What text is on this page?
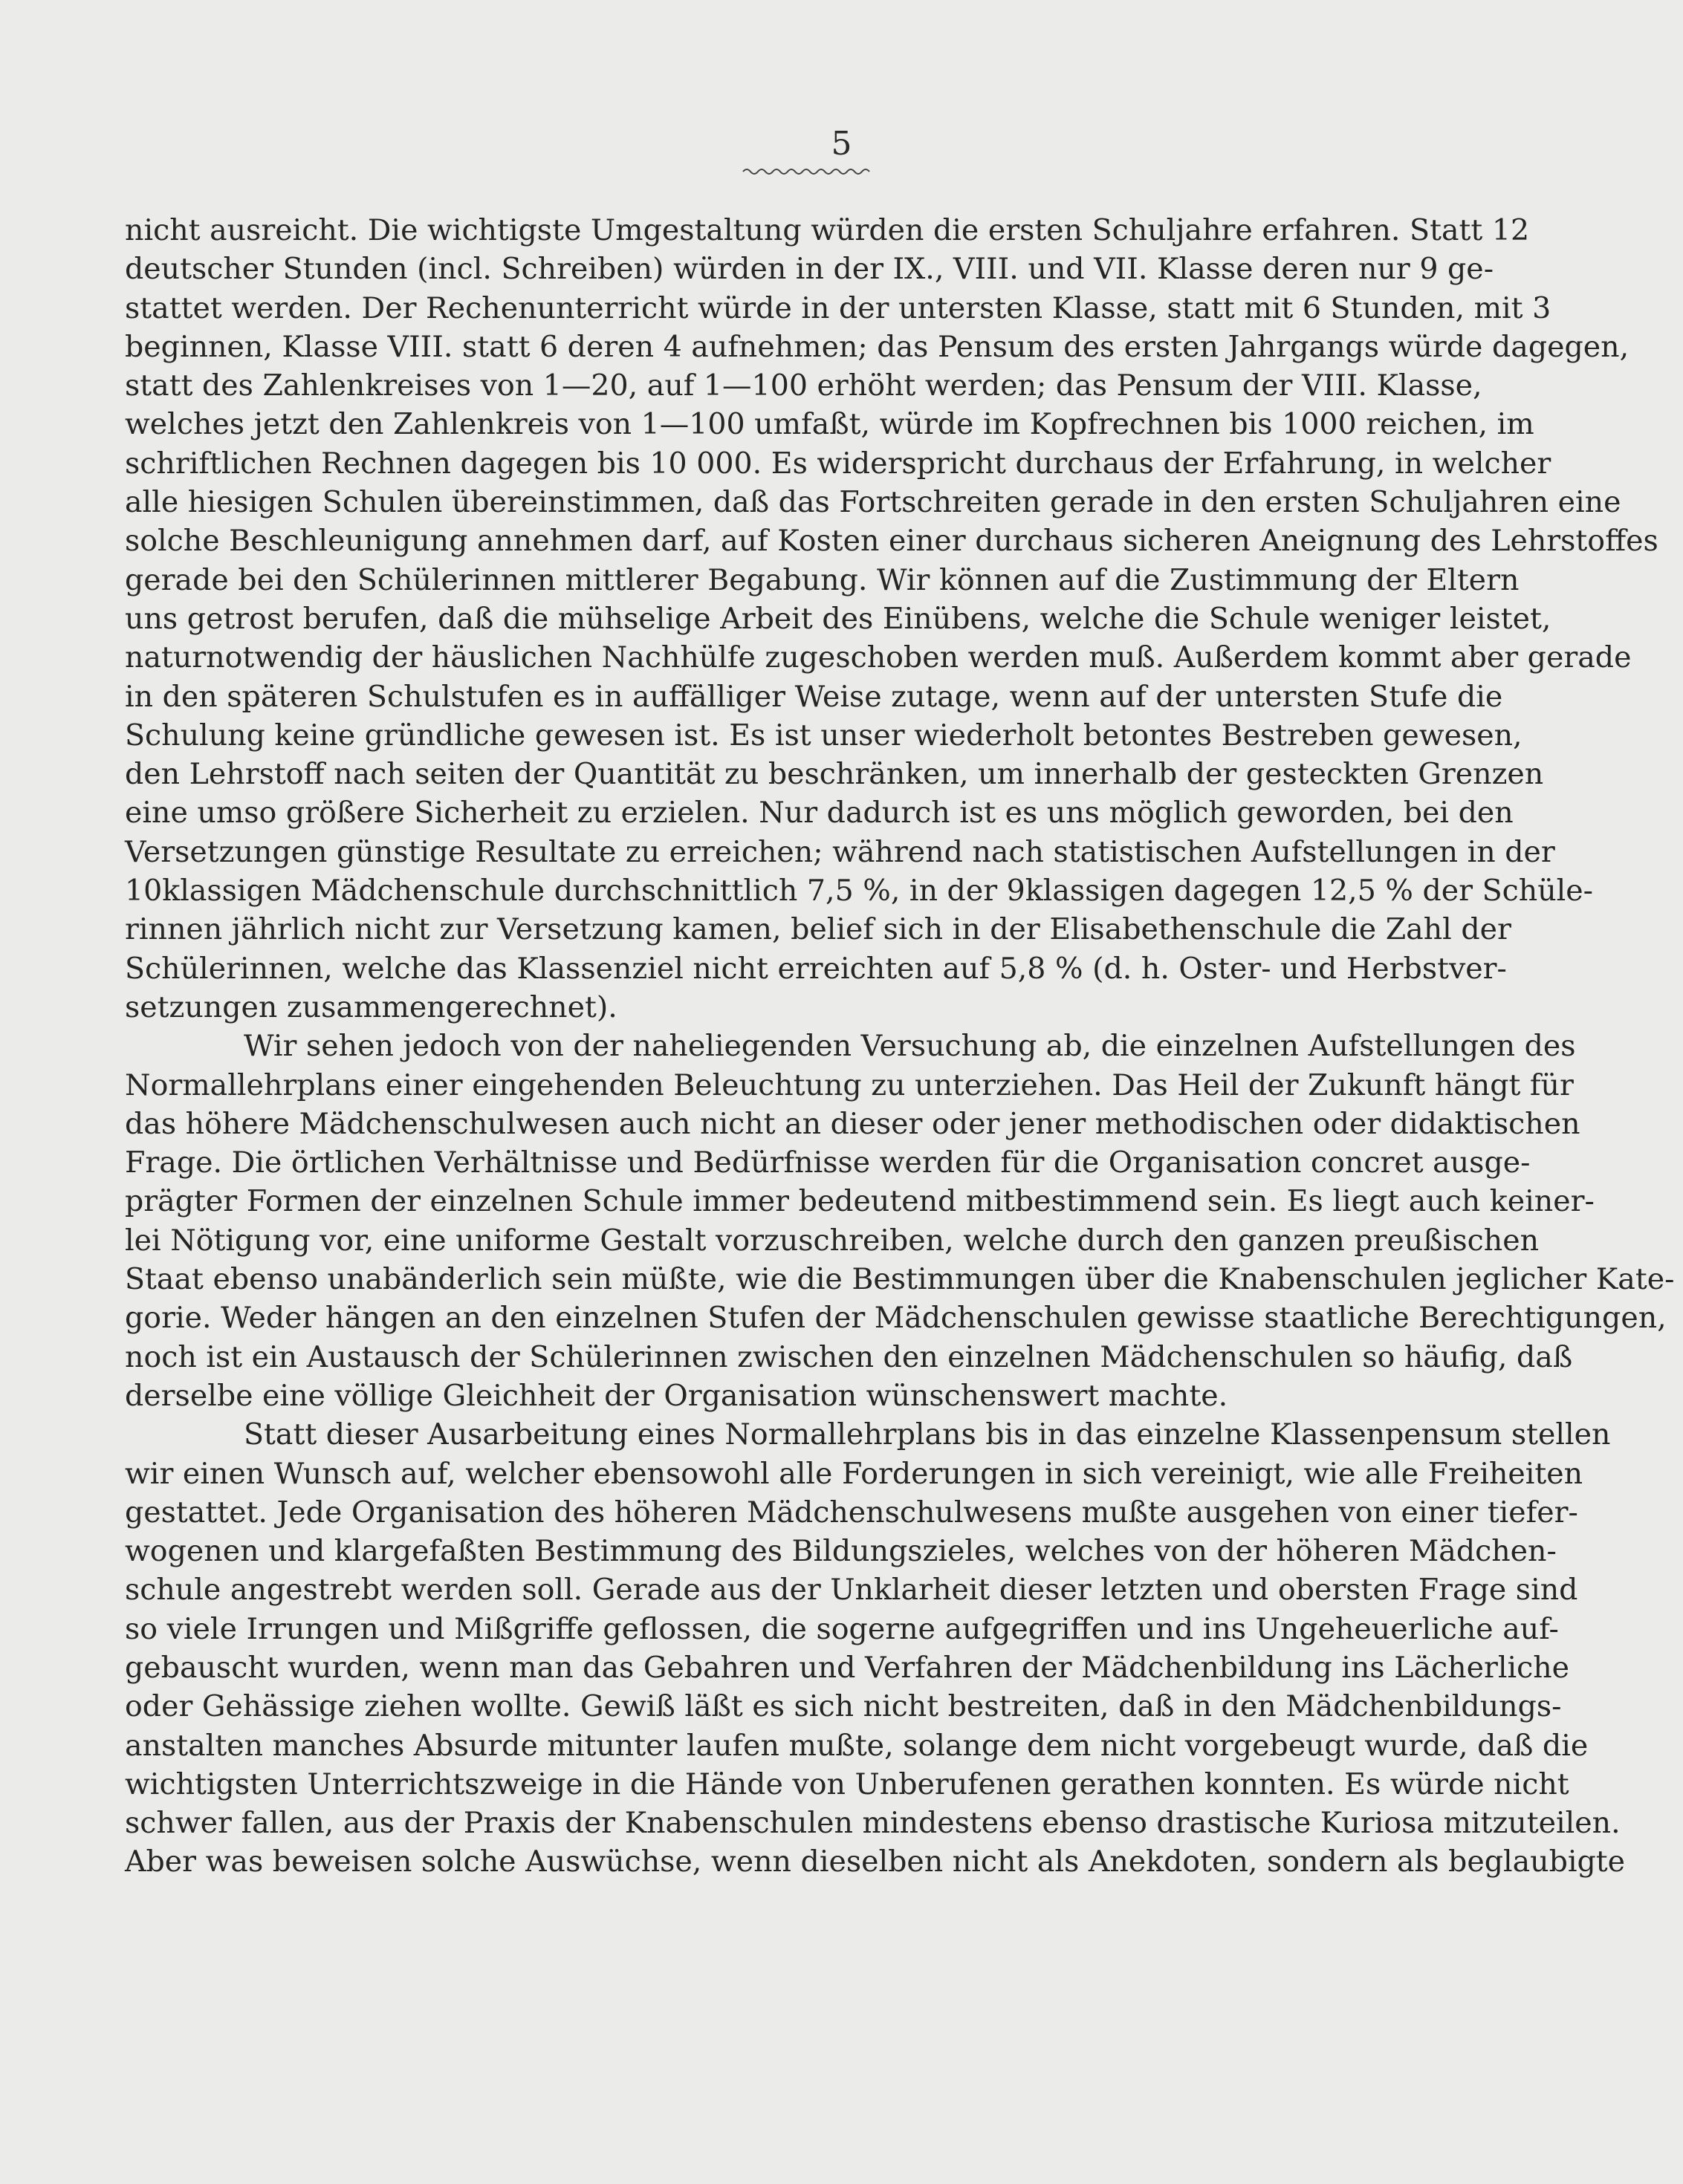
5
nicht ausreicht. Die wichtigste Umgestaltung würden die ersten Schuljahre erfahren. Statt 12
deutscher Stunden (incl. Schreiben) würden in der IX., VIII. und VII. Klasse deren nur 9 ge-
stattet werden. Der Rechenunterricht würde in der untersten Klasse, statt mit 6 Stunden, mit 3
beginnen, Klasse VIII. statt 6 deren 4 aufnehmen; das Pensum des ersten Jahrgangs würde dagegen,
statt des Zahlenkreises von 1—20, auf 1—100 erhöht werden; das Pensum der VIII. Klasse,
welches jetzt den Zahlenkreis von 1—100 umfaßt, würde im Kopfrechnen bis 1000 reichen, im
schriftlichen Rechnen dagegen bis 10 000. Es widerspricht durchaus der Erfahrung, in welcher
alle hiesigen Schulen übereinstimmen, daß das Fortschreiten gerade in den ersten Schuljahren eine
solche Beschleunigung annehmen darf, auf Kosten einer durchaus sicheren Aneignung des Lehrstoffes
gerade bei den Schülerinnen mittlerer Begabung. Wir können auf die Zustimmung der Eltern
uns getrost berufen, daß die mühselige Arbeit des Einübens, welche die Schule weniger leistet,
naturnotwendig der häuslichen Nachhülfe zugeschoben werden muß. Außerdem kommt aber gerade
in den späteren Schulstufen es in auffälliger Weise zutage, wenn auf der untersten Stufe die
Schulung keine gründliche gewesen ist. Es ist unser wiederholt betontes Bestreben gewesen,
den Lehrstoff nach seiten der Quantität zu beschränken, um innerhalb der gesteckten Grenzen
eine umso größere Sicherheit zu erzielen. Nur dadurch ist es uns möglich geworden, bei den
Versetzungen günstige Resultate zu erreichen; während nach statistischen Aufstellungen in der
10klassigen Mädchenschule durchschnittlich 7,5 %, in der 9klassigen dagegen 12,5 % der Schüle-
rinnen jährlich nicht zur Versetzung kamen, belief sich in der Elisabethenschule die Zahl der
Schülerinnen, welche das Klassenziel nicht erreichten auf 5,8 % (d. h. Oster- und Herbstver-
setzungen zusammengerechnet).
Wir sehen jedoch von der naheliegenden Versuchung ab, die einzelnen Aufstellungen des
Normallehrplans einer eingehenden Beleuchtung zu unterziehen. Das Heil der Zukunft hängt für
das höhere Mädchenschulwesen auch nicht an dieser oder jener methodischen oder didaktischen
Frage. Die örtlichen Verhältnisse und Bedürfnisse werden für die Organisation concret ausge-
prägter Formen der einzelnen Schule immer bedeutend mitbestimmend sein. Es liegt auch keiner-
lei Nötigung vor, eine uniforme Gestalt vorzuschreiben, welche durch den ganzen preußischen
Staat ebenso unabänderlich sein müßte, wie die Bestimmungen über die Knabenschulen jeglicher Kate-
gorie. Weder hängen an den einzelnen Stufen der Mädchenschulen gewisse staatliche Berechtigungen,
noch ist ein Austausch der Schülerinnen zwischen den einzelnen Mädchenschulen so häufig, daß
derselbe eine völlige Gleichheit der Organisation wünschenswert machte.
Statt dieser Ausarbeitung eines Normallehrplans bis in das einzelne Klassenpensum stellen
wir einen Wunsch auf, welcher ebensowohl alle Forderungen in sich vereinigt, wie alle Freiheiten
gestattet. Jede Organisation des höheren Mädchenschulwesens mußte ausgehen von einer tiefer-
wogenen und klargefaßten Bestimmung des Bildungszieles, welches von der höheren Mädchen-
schule angestrebt werden soll. Gerade aus der Unklarheit dieser letzten und obersten Frage sind
so viele Irrungen und Mißgriffe geflossen, die sogerne aufgegriffen und ins Ungeheuerliche auf-
gebauscht wurden, wenn man das Gebahren und Verfahren der Mädchenbildung ins Lächerliche
oder Gehässige ziehen wollte. Gewiß läßt es sich nicht bestreiten, daß in den Mädchenbildungs-
anstalten manches Absurde mitunter laufen mußte, solange dem nicht vorgebeugt wurde, daß die
wichtigsten Unterrichtszweige in die Hände von Unberufenen gerathen konnten. Es würde nicht
schwer fallen, aus der Praxis der Knabenschulen mindestens ebenso drastische Kuriosa mitzuteilen.
Aber was beweisen solche Auswüchse, wenn dieselben nicht als Anekdoten, sondern als beglaubigte
